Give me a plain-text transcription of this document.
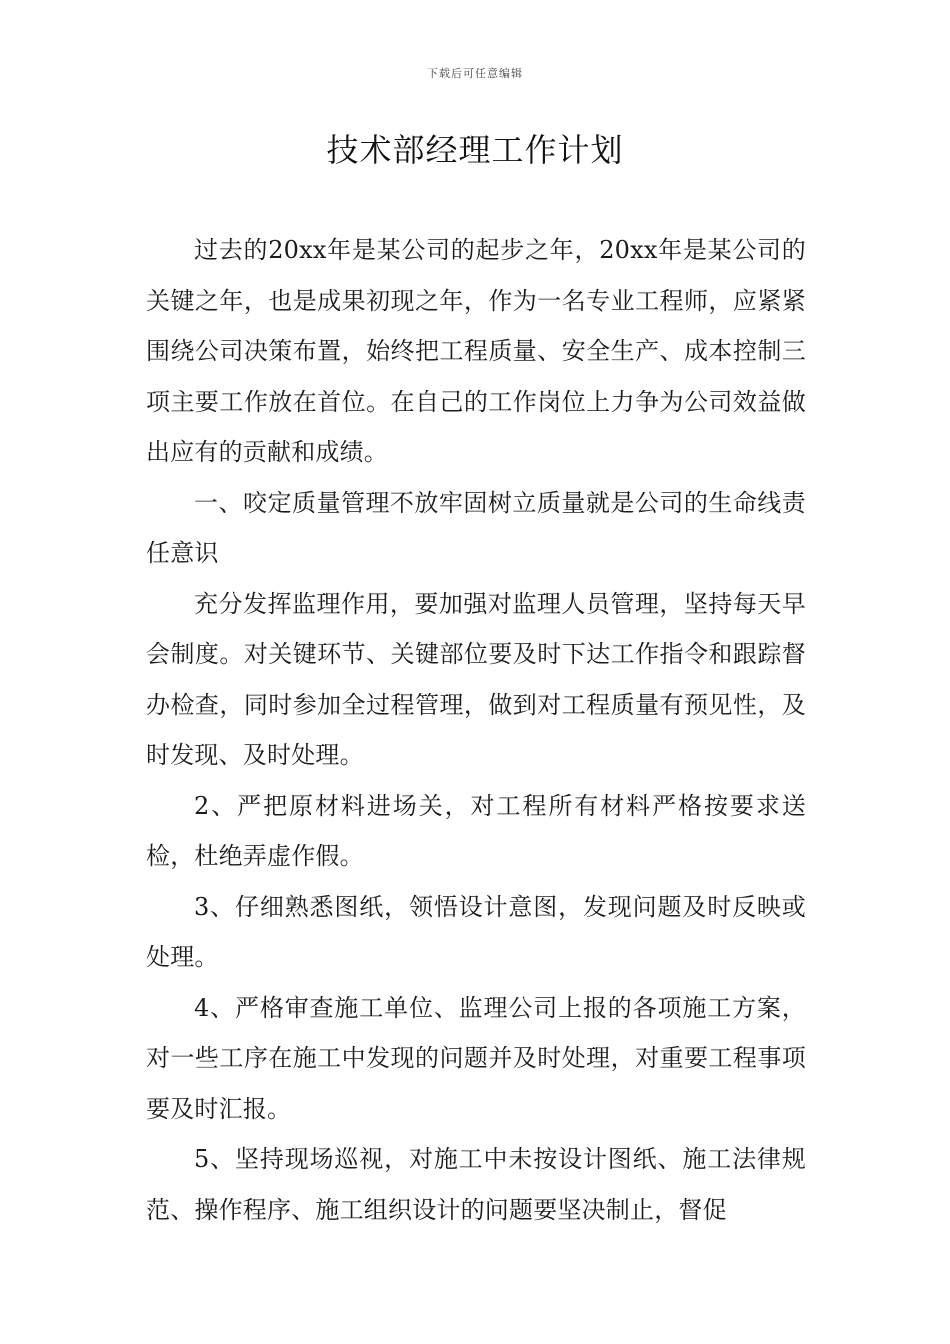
下载后可任意编辑
技术部经理工作计划

过去的20xx年是某公司的起步之年，20xx年是某公司的关键之年，也是成果初现之年，作为一名专业工程师，应紧紧围绕公司决策布置，始终把工程质量、安全生产、成本控制三项主要工作放在首位。在自己的工作岗位上力争为公司效益做出应有的贡献和成绩。

一、咬定质量管理不放牢固树立质量就是公司的生命线责任意识

充分发挥监理作用，要加强对监理人员管理，坚持每天早会制度。对关键环节、关键部位要及时下达工作指令和跟踪督办检查，同时参加全过程管理，做到对工程质量有预见性，及时发现、及时处理。

2、严把原材料进场关，对工程所有材料严格按要求送检，杜绝弄虚作假。

3、仔细熟悉图纸，领悟设计意图，发现问题及时反映或处理。

4、严格审查施工单位、监理公司上报的各项施工方案，对一些工序在施工中发现的问题并及时处理，对重要工程事项要及时汇报。

5、坚持现场巡视，对施工中未按设计图纸、施工法律规范、操作程序、施工组织设计的问题要坚决制止，督促
